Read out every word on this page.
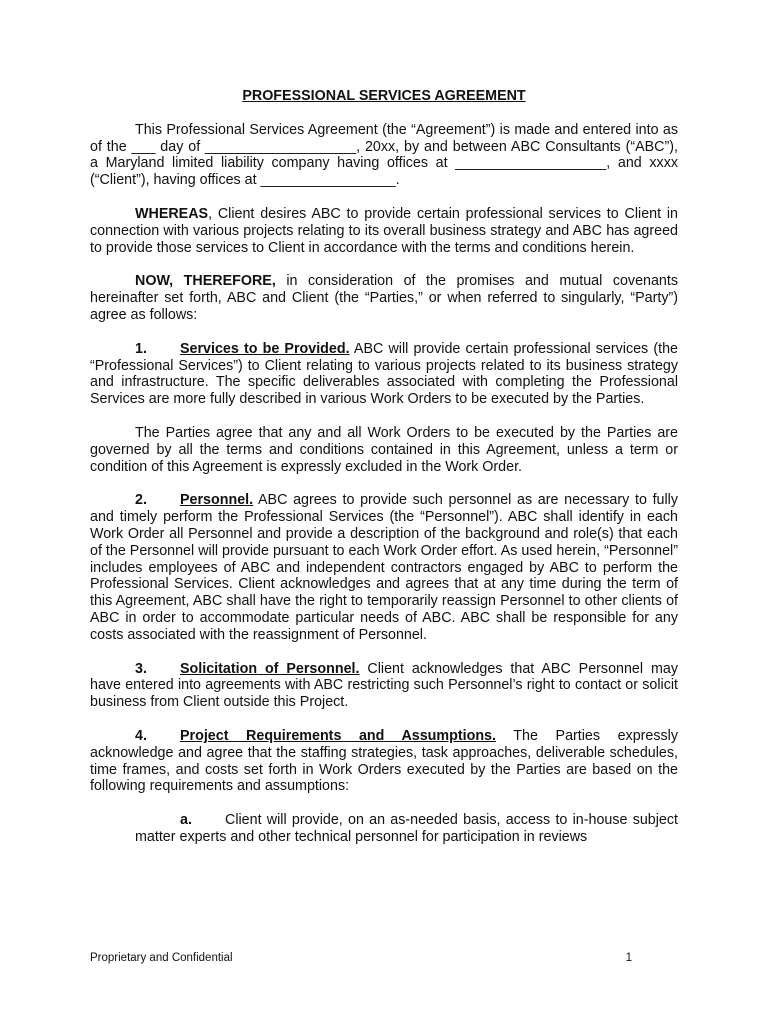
PROFESSIONAL SERVICES AGREEMENT

This Professional Services Agreement (the “Agreement”) is made and entered into as of the ___ day of ___________________, 20xx, by and between ABC Consultants (“ABC”), a Maryland limited liability company having offices at ___________________, and xxxx (“Client”), having offices at _________________.

WHEREAS, Client desires ABC to provide certain professional services to Client in connection with various projects relating to its overall business strategy and ABC has agreed to provide those services to Client in accordance with the terms and conditions herein.

NOW, THEREFORE, in consideration of the promises and mutual covenants hereinafter set forth, ABC and Client (the “Parties,” or when referred to singularly, “Party”) agree as follows:

1. Services to be Provided. ABC will provide certain professional services (the “Professional Services”) to Client relating to various projects related to its business strategy and infrastructure. The specific deliverables associated with completing the Professional Services are more fully described in various Work Orders to be executed by the Parties.

The Parties agree that any and all Work Orders to be executed by the Parties are governed by all the terms and conditions contained in this Agreement, unless a term or condition of this Agreement is expressly excluded in the Work Order.

2. Personnel. ABC agrees to provide such personnel as are necessary to fully and timely perform the Professional Services (the “Personnel”). ABC shall identify in each Work Order all Personnel and provide a description of the background and role(s) that each of the Personnel will provide pursuant to each Work Order effort. As used herein, “Personnel” includes employees of ABC and independent contractors engaged by ABC to perform the Professional Services. Client acknowledges and agrees that at any time during the term of this Agreement, ABC shall have the right to temporarily reassign Personnel to other clients of ABC in order to accommodate particular needs of ABC. ABC shall be responsible for any costs associated with the reassignment of Personnel.

3. Solicitation of Personnel. Client acknowledges that ABC Personnel may have entered into agreements with ABC restricting such Personnel’s right to contact or solicit business from Client outside this Project.

4. Project Requirements and Assumptions. The Parties expressly acknowledge and agree that the staffing strategies, task approaches, deliverable schedules, time frames, and costs set forth in Work Orders executed by the Parties are based on the following requirements and assumptions:

a. Client will provide, on an as-needed basis, access to in-house subject matter experts and other technical personnel for participation in reviews

Proprietary and Confidential	1
